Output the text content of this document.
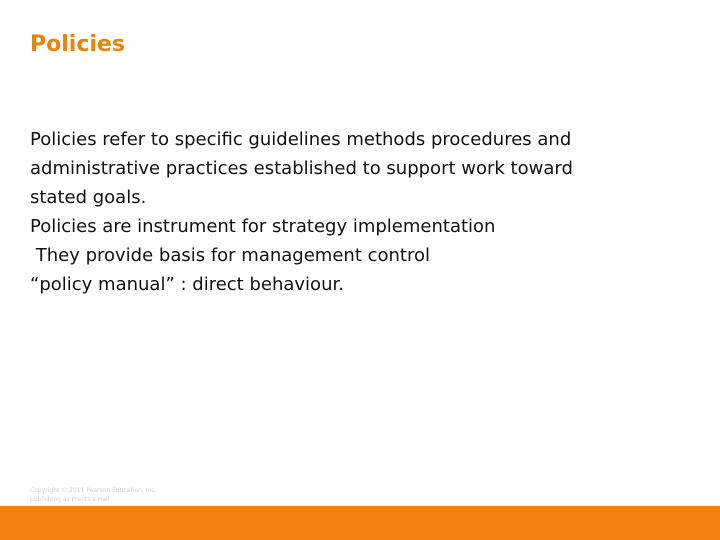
Policies
Policies refer to specific guidelines methods procedures and
administrative practices established to support work toward
stated goals.
Policies are instrument for strategy implementation
They provide basis for management control
“policy manual” : direct behaviour.
Copyright © 2011 Pearson Education, Inc.
publishing as Prentice Hall
